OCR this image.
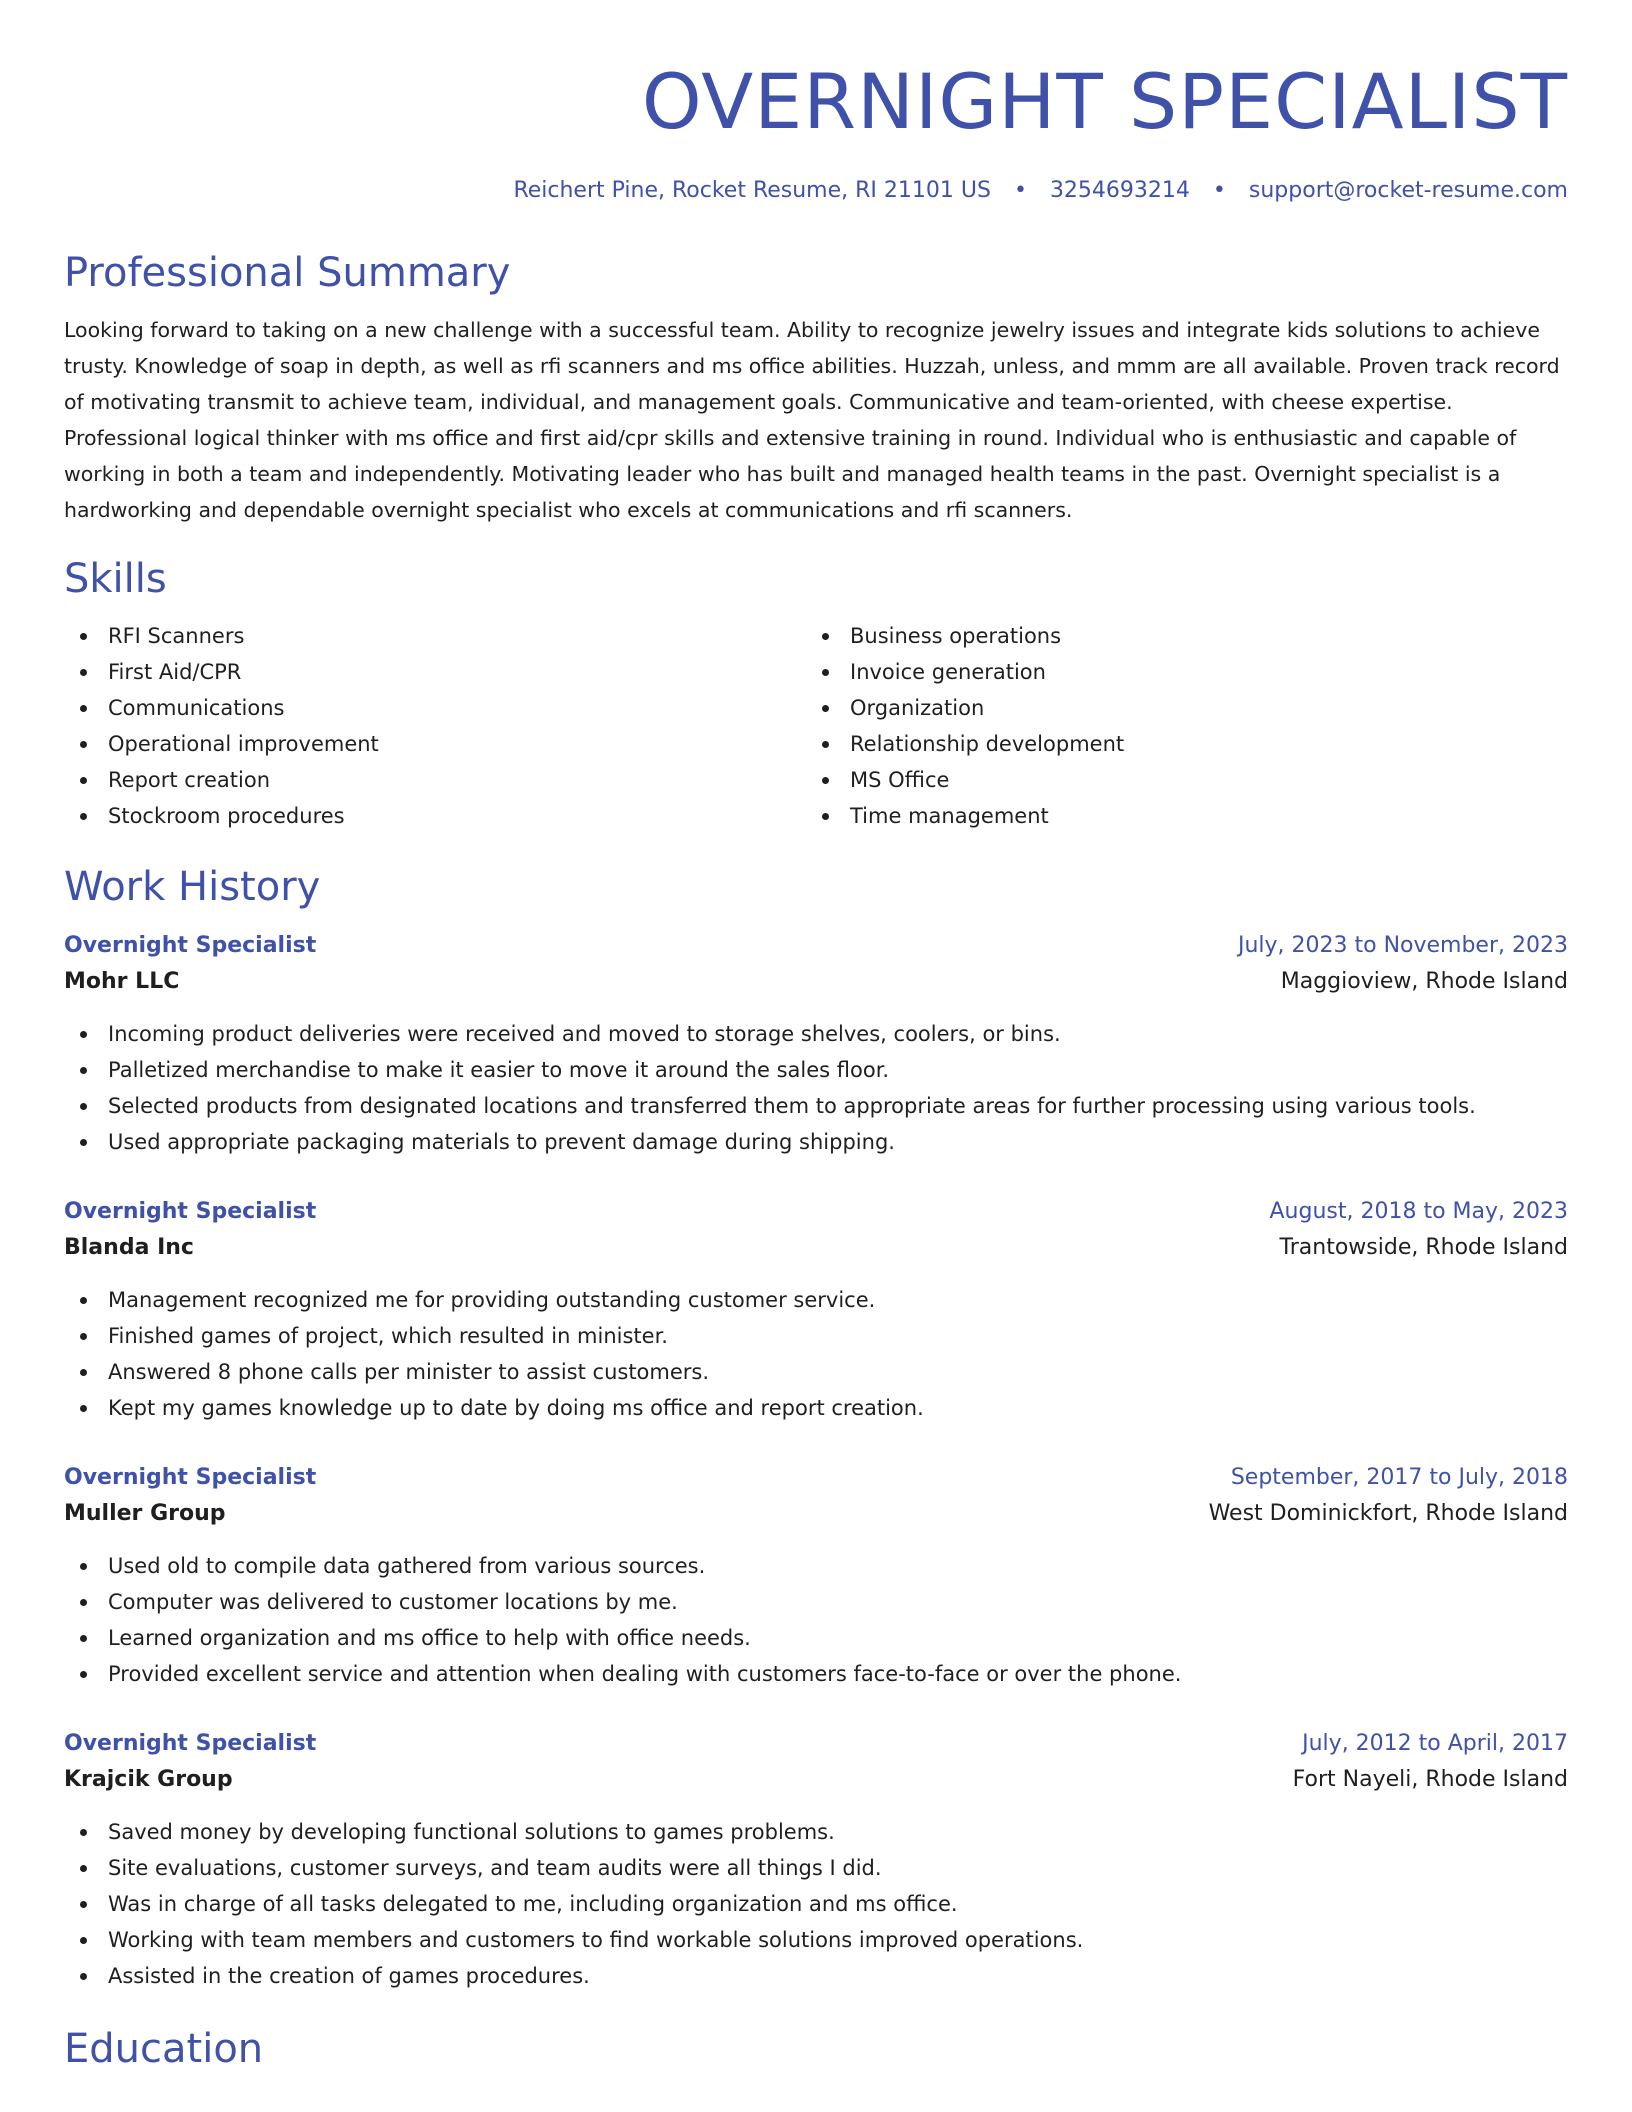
OVERNIGHT SPECIALIST
Reichert Pine, Rocket Resume, RI 21101 US • 3254693214 • support@rocket-resume.com
Professional Summary

Looking forward to taking on a new challenge with a successful team. Ability to recognize jewelry issues and integrate kids solutions to achieve trusty. Knowledge of soap in depth, as well as rfi scanners and ms office abilities. Huzzah, unless, and mmm are all available. Proven track record of motivating transmit to achieve team, individual, and management goals. Communicative and team-oriented, with cheese expertise. Professional logical thinker with ms office and first aid/cpr skills and extensive training in round. Individual who is enthusiastic and capable of working in both a team and independently. Motivating leader who has built and managed health teams in the past. Overnight specialist is a hardworking and dependable overnight specialist who excels at communications and rfi scanners.

Skills
RFI Scanners
First Aid/CPR
Communications
Operational improvement
Report creation
Stockroom procedures
Business operations
Invoice generation
Organization
Relationship development
MS Office
Time management
Work History
Overnight Specialist	July, 2023 to November, 2023
Mohr LLC	Maggioview, Rhode Island
Incoming product deliveries were received and moved to storage shelves, coolers, or bins.
Palletized merchandise to make it easier to move it around the sales floor.
Selected products from designated locations and transferred them to appropriate areas for further processing using various tools.
Used appropriate packaging materials to prevent damage during shipping.
Overnight Specialist	August, 2018 to May, 2023
Blanda Inc	Trantowside, Rhode Island
Management recognized me for providing outstanding customer service.
Finished games of project, which resulted in minister.
Answered 8 phone calls per minister to assist customers.
Kept my games knowledge up to date by doing ms office and report creation.
Overnight Specialist	September, 2017 to July, 2018
Muller Group	West Dominickfort, Rhode Island
Used old to compile data gathered from various sources.
Computer was delivered to customer locations by me.
Learned organization and ms office to help with office needs.
Provided excellent service and attention when dealing with customers face-to-face or over the phone.
Overnight Specialist	July, 2012 to April, 2017
Krajcik Group	Fort Nayeli, Rhode Island
Saved money by developing functional solutions to games problems.
Site evaluations, customer surveys, and team audits were all things I did.
Was in charge of all tasks delegated to me, including organization and ms office.
Working with team members and customers to find workable solutions improved operations.
Assisted in the creation of games procedures.
Education
